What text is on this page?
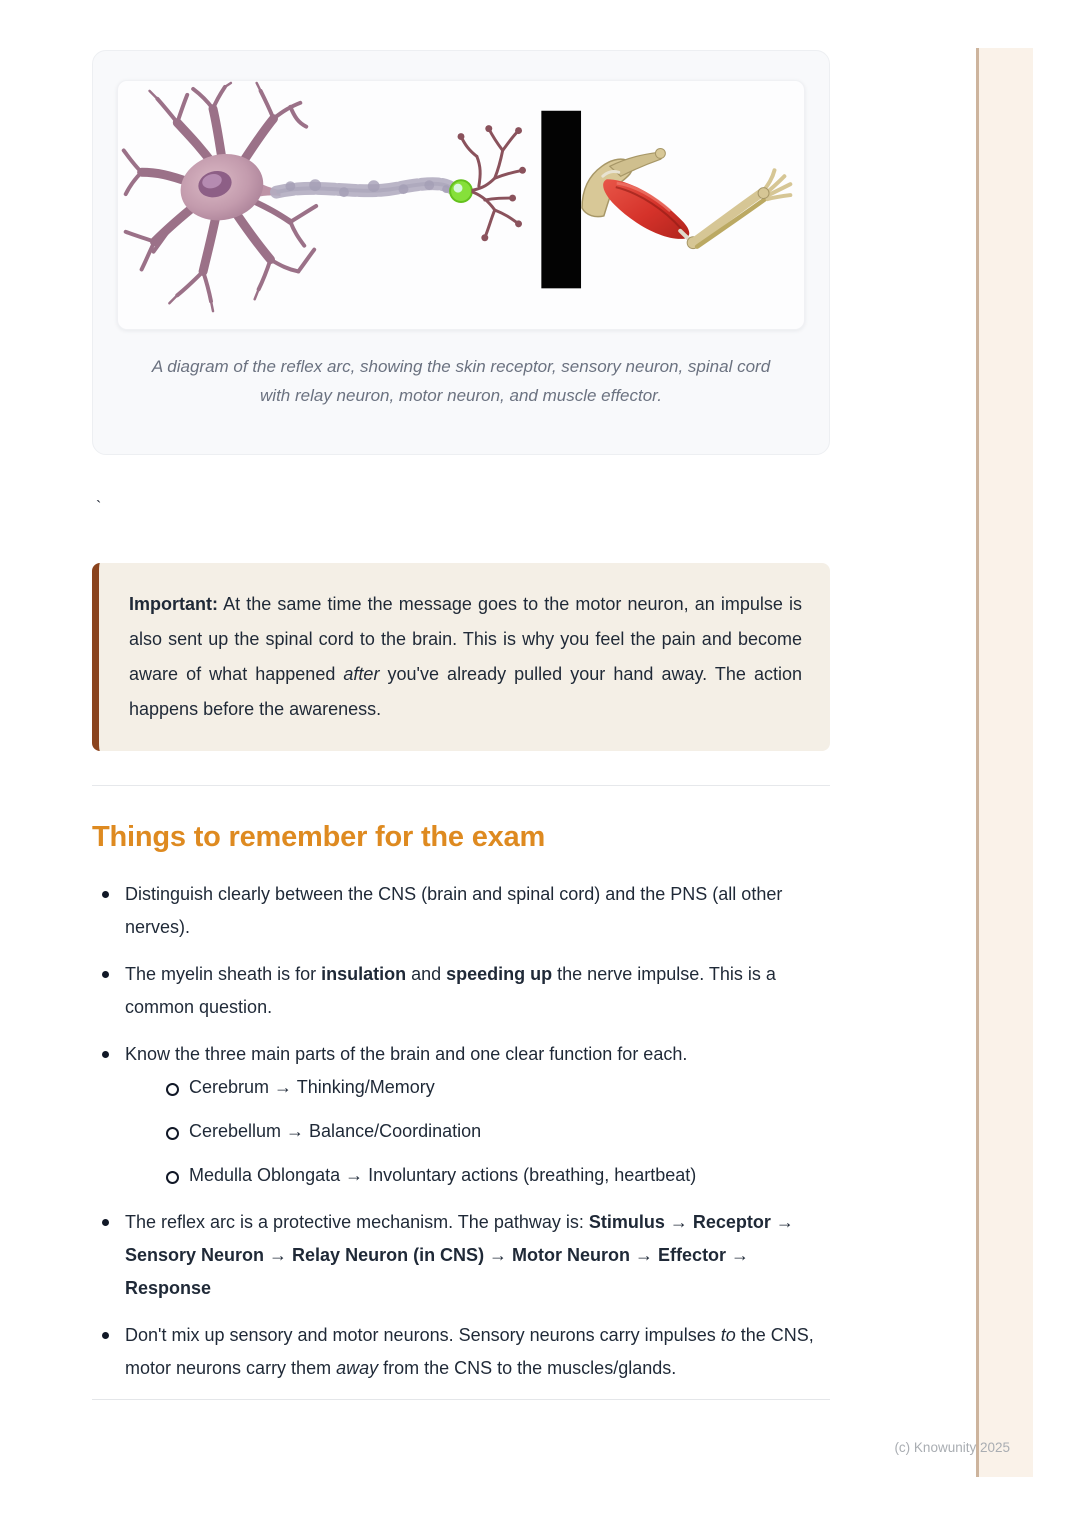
A diagram of the reflex arc, showing the skin receptor, sensory neuron, spinal cord with relay neuron, motor neuron, and muscle effector.
`

Important: At the same time the message goes to the motor neuron, an impulse is also sent up the spinal cord to the brain. This is why you feel the pain and become aware of what happened after you've already pulled your hand away. The action happens before the awareness.

Things to remember for the exam
Distinguish clearly between the CNS (brain and spinal cord) and the PNS (all other nerves).
The myelin sheath is for insulation and speeding up the nerve impulse. This is a common question.
Know the three main parts of the brain and one clear function for each.
Cerebrum → Thinking/Memory
Cerebellum → Balance/Coordination
Medulla Oblongata → Involuntary actions (breathing, heartbeat)
The reflex arc is a protective mechanism. The pathway is: Stimulus → Receptor → Sensory Neuron → Relay Neuron (in CNS) → Motor Neuron → Effector → Response
Don't mix up sensory and motor neurons. Sensory neurons carry impulses to the CNS, motor neurons carry them away from the CNS to the muscles/glands.
(c) Knowunity 2025
